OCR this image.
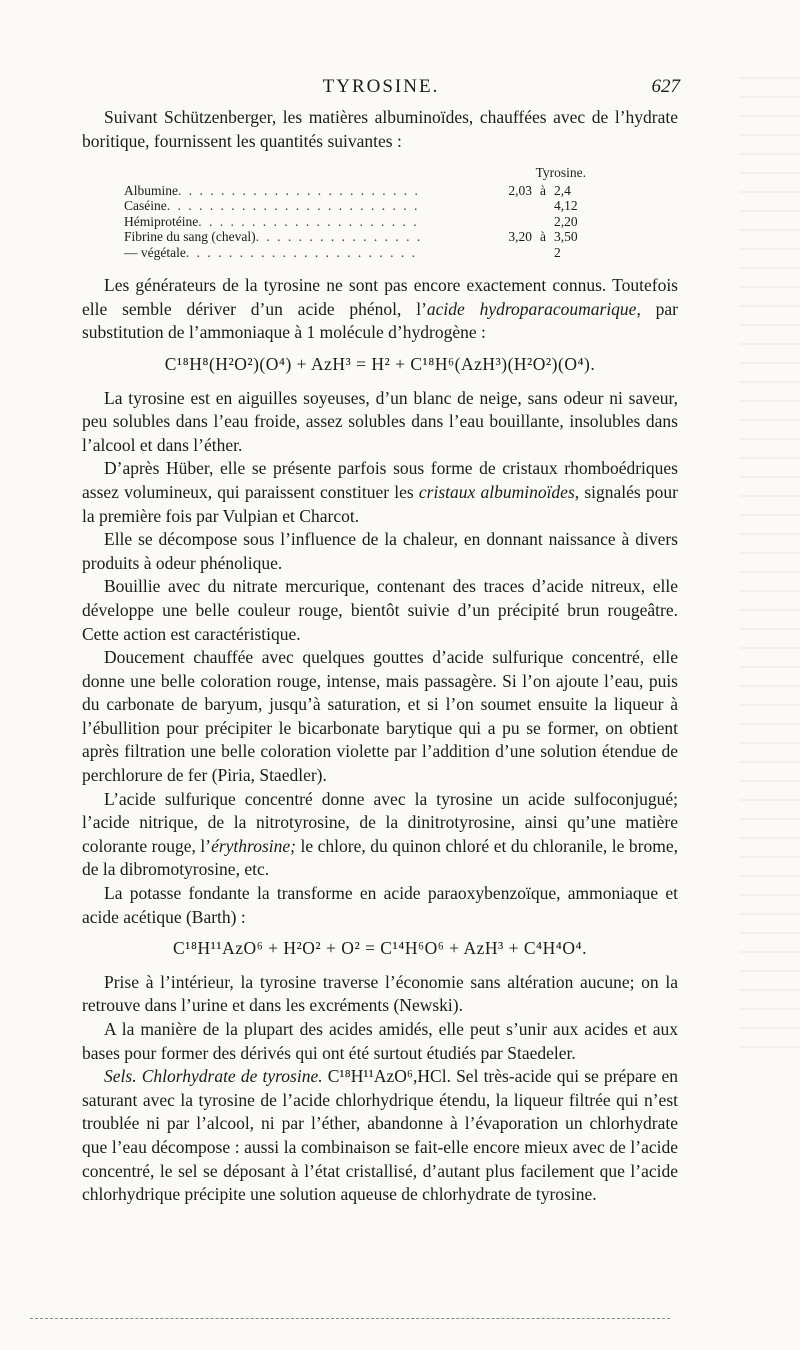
TYROSINE.	627

Suivant Schützenberger, les matières albuminoïdes, chauffées avec de l’hydrate boritique, fournissent les quantités suivantes :

Tyrosine.
Albumine . . .	2,03 à 2,4
Caséine . . .	4,12
Hémiprotéine . . .	2,20
Fibrine du sang (cheval) . . .	3,20 à 3,50
— végétale . . .	2

Les générateurs de la tyrosine ne sont pas encore exactement connus. Toutefois elle semble dériver d’un acide phénol, l’acide hydroparacoumarique, par substitution de l’ammoniaque à 1 molécule d’hydrogène :

C¹⁸H⁸(H²O²)(O⁴) + AzH³ = H² + C¹⁸H⁶(AzH³)(H²O²)(O⁴).

La tyrosine est en aiguilles soyeuses, d’un blanc de neige, sans odeur ni saveur, peu solubles dans l’eau froide, assez solubles dans l’eau bouillante, insolubles dans l’alcool et dans l’éther.

D’après Hüber, elle se présente parfois sous forme de cristaux rhomboédriques assez volumineux, qui paraissent constituer les cristaux albuminoïdes, signalés pour la première fois par Vulpian et Charcot.

Elle se décompose sous l’influence de la chaleur, en donnant naissance à divers produits à odeur phénolique.

Bouillie avec du nitrate mercurique, contenant des traces d’acide nitreux, elle développe une belle couleur rouge, bientôt suivie d’un précipité brun rougeâtre. Cette action est caractéristique.

Doucement chauffée avec quelques gouttes d’acide sulfurique concentré, elle donne une belle coloration rouge, intense, mais passagère. Si l’on ajoute l’eau, puis du carbonate de baryum, jusqu’à saturation, et si l’on soumet ensuite la liqueur à l’ébullition pour précipiter le bicarbonate barytique qui a pu se former, on obtient après filtration une belle coloration violette par l’addition d’une solution étendue de perchlorure de fer (Piria, Staedler).

L’acide sulfurique concentré donne avec la tyrosine un acide sulfoconjugué; l’acide nitrique, de la nitrotyrosine, de la dinitrotyrosine, ainsi qu’une matière colorante rouge, l’érythrosine; le chlore, du quinon chloré et du chloranile, le brome, de la dibromotyrosine, etc.

La potasse fondante la transforme en acide paraoxybenzoïque, ammoniaque et acide acétique (Barth) :

C¹⁸H¹¹AzO⁶ + H²O² + O² = C¹⁴H⁶O⁶ + AzH³ + C⁴H⁴O⁴.

Prise à l’intérieur, la tyrosine traverse l’économie sans altération aucune; on la retrouve dans l’urine et dans les excréments (Newski).

A la manière de la plupart des acides amidés, elle peut s’unir aux acides et aux bases pour former des dérivés qui ont été surtout étudiés par Staedeler.

Sels. Chlorhydrate de tyrosine. C¹⁸H¹¹AzO⁶,HCl. Sel très-acide qui se prépare en saturant avec la tyrosine de l’acide chlorhydrique étendu, la liqueur filtrée qui n’est troublée ni par l’alcool, ni par l’éther, abandonne à l’évaporation un chlorhydrate que l’eau décompose : aussi la combinaison se fait-elle encore mieux avec de l’acide concentré, le sel se déposant à l’état cristallisé, d’autant plus facilement que l’acide chlorhydrique précipite une solution aqueuse de chlorhydrate de tyrosine.
